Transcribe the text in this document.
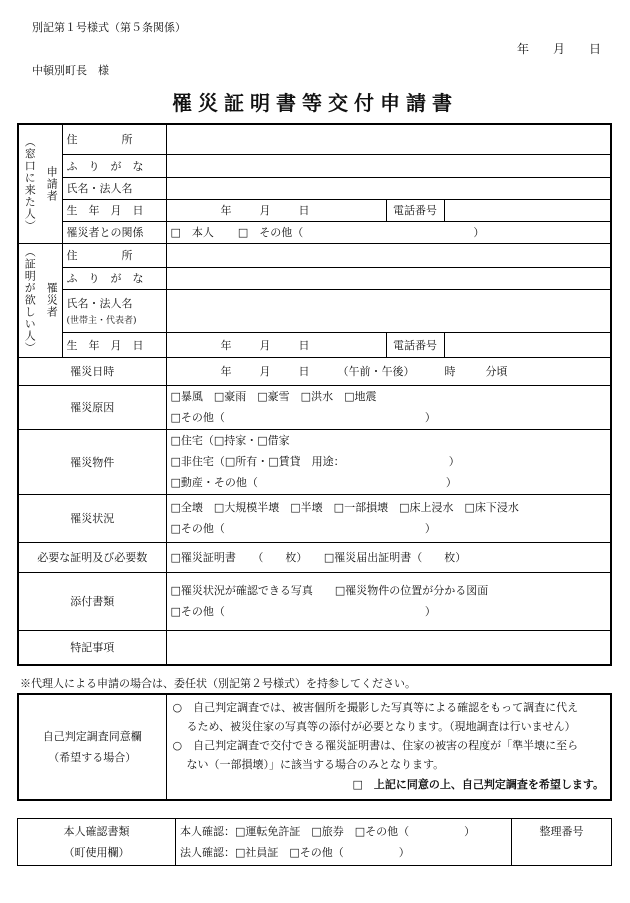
別記第１号様式（第５条関係）
年 月 日
中頓別町長　様
罹災証明書等交付申請書
（窓口に来た人） 申請者	住　　　　所			
	ふ　り　が　な			
	氏名・法人名			
	生　年　月　日	年 月 日	電話番号	
	罹災者との関係	□　本人 □　その他（ ）		

（証明が欲しい人） 罹災者	住　　　　所			
	ふ　り　が　な			

	氏名・法人名
(世帯主・代表者)			

	生　年　月　日	年 月 日	電話番号	
罹災日時		年 月 日 （午前・午後） 時 分頃		
罹災原因		□暴風　□豪雨　□豪雪　□洪水　□地震
□その他（ ）		

罹災物件		□住宅（□持家・□借家
□非住宅（□所有・□賃貸　用途： ）
□動産・その他（ ）		

罹災状況		□全壊　□大規模半壊　□半壊　□一部損壊　□床上浸水　□床下浸水
□その他（ ）		

必要な証明及び必要数		□罹災証明書　　（　　枚）　　□罹災届出証明書（　　枚）		
添付書類		□罹災状況が確認できる写真　　□罹災物件の位置が分かる図面
□その他（ ）		

特記事項				
※代理人による申請の場合は、委任状（別記第２号様式）を持参してください。
自己判定調査同意欄
（希望する場合）

○　自己判定調査では、被害個所を撮影した写真等による確認をもって調査に代え
るため、被災住家の写真等の添付が必要となります。（現地調査は行いません）
○　自己判定調査で交付できる罹災証明書は、住家の被害の程度が「準半壊に至ら
ない（一部損壊）」に該当する場合のみとなります。
□　上記に同意の上、自己判定調査を希望します。
本人確認書類
（町使用欄）

本人確認：□運転免許証　□旅券　□その他（　　　　　）
法人確認：□社員証　□その他（　　　　　）
	整理番号
